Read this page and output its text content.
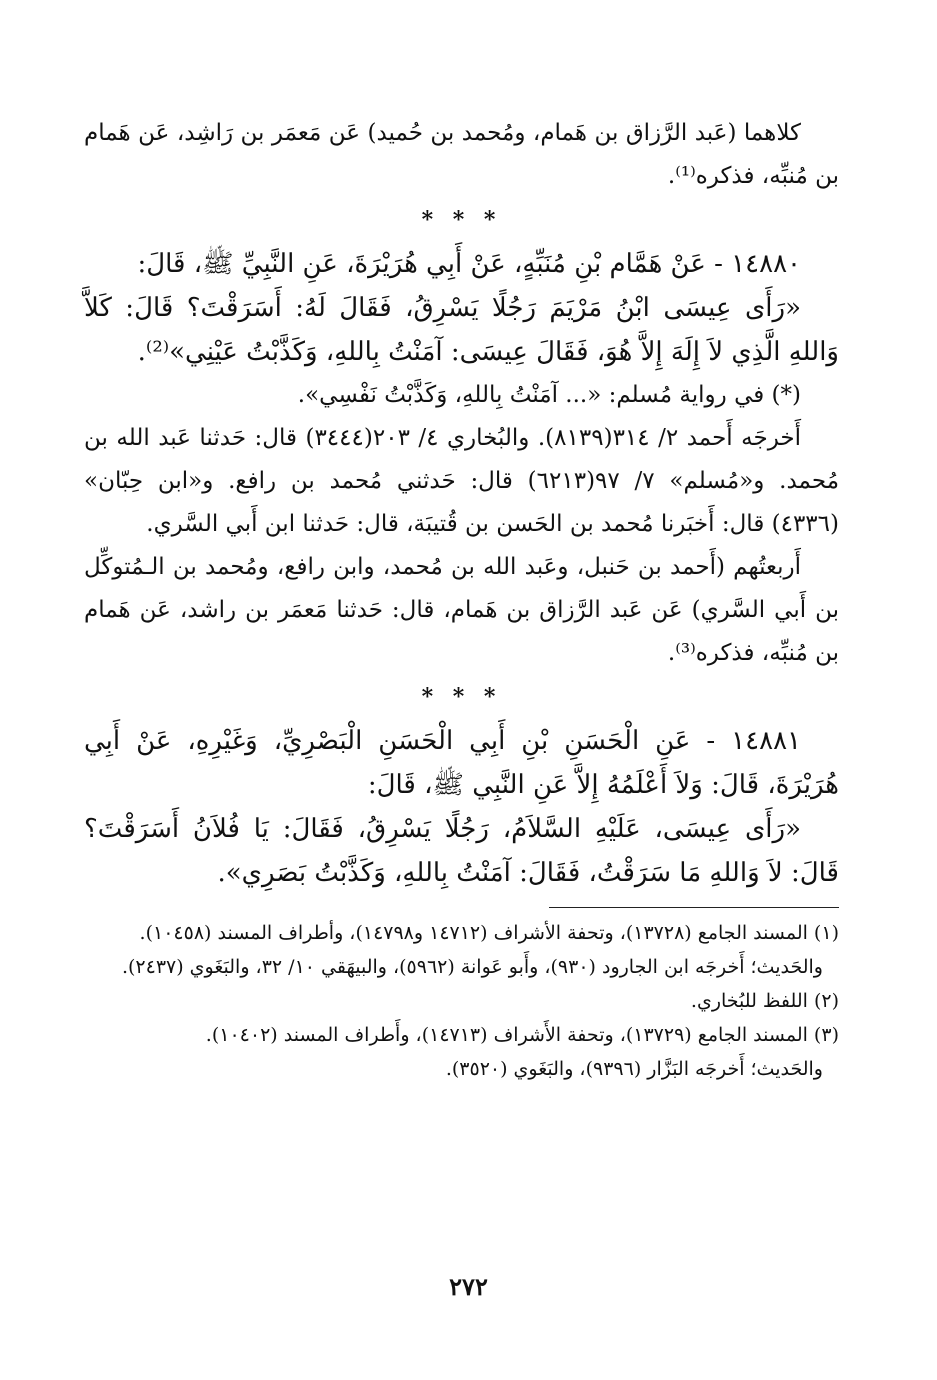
كلاهما (عَبد الرَّزاق بن هَمام، ومُحمد بن حُميد) عَن مَعمَر بن رَاشِد، عَن هَمام بن مُنبِّه، فذكره⁽¹⁾.

* * *

١٤٨٨٠ - عَنْ هَمَّام بْنِ مُنَبِّهٍ، عَنْ أَبِي هُرَيْرَةَ، عَنِ النَّبِيِّ ﷺ، قَالَ:

«رَأَى عِيسَى ابْنُ مَرْيَمَ رَجُلًا يَسْرِقُ، فَقَالَ لَهُ: أَسَرَقْتَ؟ قَالَ: كَلاَّ وَاللهِ الَّذِي لاَ إِلَهَ إِلاَّ هُوَ، فَقَالَ عِيسَى: آمَنْتُ بِاللهِ، وَكَذَّبْتُ عَيْنِي»⁽²⁾.

(*) في رواية مُسلم: «... آمَنْتُ بِاللهِ، وَكَذَّبْتُ نَفْسِي».

أَخرجَه أَحمد ٢/ ٣١٤(٨١٣٩). والبُخاري ٤/ ٢٠٣(٣٤٤٤) قال: حَدثنا عَبد الله بن مُحمد. و«مُسلم» ٧/ ٩٧(٦٢١٣) قال: حَدثني مُحمد بن رافع. و«ابن حِبّان» (٤٣٣٦) قال: أَخبَرنا مُحمد بن الحَسن بن قُتيبَة، قال: حَدثنا ابن أَبي السَّري.

أَربعتُهم (أَحمد بن حَنبل، وعَبد الله بن مُحمد، وابن رافع، ومُحمد بن الـمُتوكِّل بن أَبي السَّري) عَن عَبد الرَّزاق بن هَمام، قال: حَدثنا مَعمَر بن راشد، عَن هَمام بن مُنبِّه، فذكره⁽³⁾.

* * *

١٤٨٨١ - عَنِ الْحَسَنِ بْنِ أَبِي الْحَسَنِ الْبَصْرِيِّ، وَغَيْرِهِ، عَنْ أَبِي هُرَيْرَةَ، قَالَ: وَلاَ أَعْلَمُهُ إِلاَّ عَنِ النَّبِي ﷺ، قَالَ:

«رَأَى عِيسَى، عَلَيْهِ السَّلاَمُ، رَجُلًا يَسْرِقُ، فَقَالَ: يَا فُلاَنُ أَسَرَقْتَ؟ قَالَ: لاَ وَاللهِ مَا سَرَقْتُ، فَقَالَ: آمَنْتُ بِاللهِ، وَكَذَّبْتُ بَصَرِي».

(١) المسند الجامع (١٣٧٢٨)، وتحفة الأشراف (١٤٧١٢ و١٤٧٩٨)، وأطراف المسند (١٠٤٥٨).

والحَديث؛ أَخرجَه ابن الجارود (٩٣٠)، وأَبو عَوانة (٥٩٦٢)، والبيهَقي ١٠/ ٣٢، والبَغَوي (٢٤٣٧).

(٢) اللفظ للبُخاري.

(٣) المسند الجامع (١٣٧٢٩)، وتحفة الأَشراف (١٤٧١٣)، وأَطراف المسند (١٠٤٠٢).

والحَديث؛ أَخرجَه البَزَّار (٩٣٩٦)، والبَغَوي (٣٥٢٠).

٢٧٢
